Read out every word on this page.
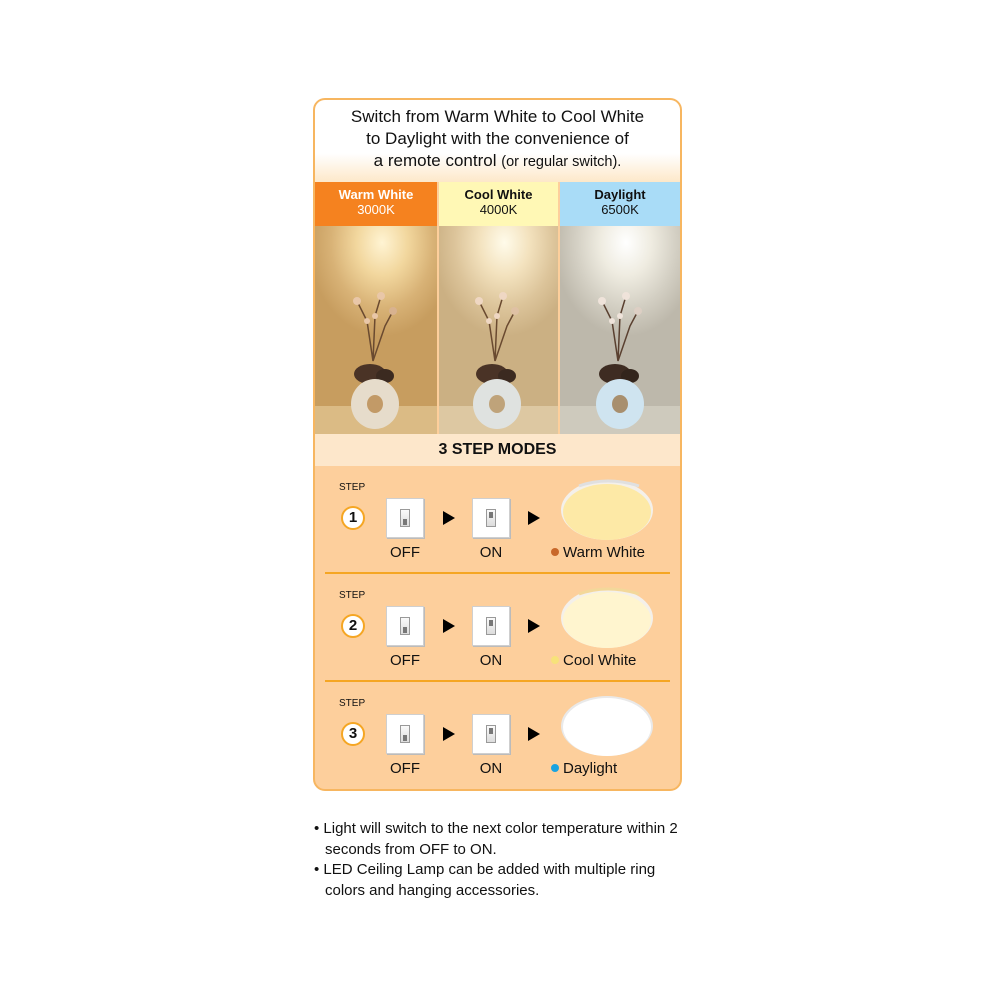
Switch from Warm White to Cool White
to Daylight with the convenience of
a remote control (or regular switch).
Warm White
3000K
Cool White
4000K
Daylight
6500K
3 STEP MODES
STEP
1
OFF	ON	Warm White
STEP
2
OFF	ON	Cool White
STEP
3
OFF	ON	Daylight
• Light will switch to the next color temperature within 2 seconds from OFF to ON.
• LED Ceiling Lamp can be added with multiple ring colors and hanging accessories.
